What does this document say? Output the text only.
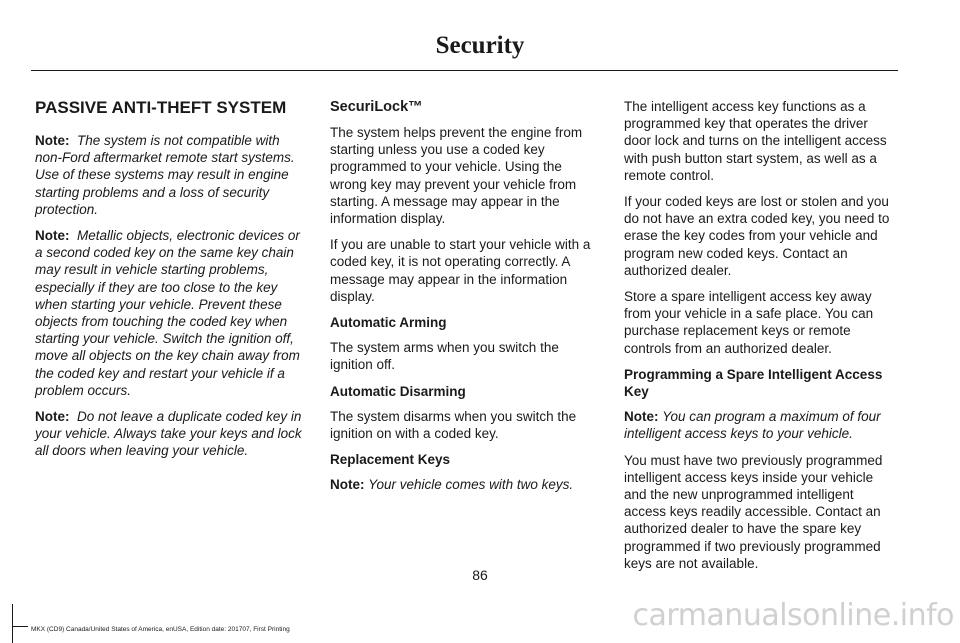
Security
PASSIVE ANTI-THEFT SYSTEM

Note: The system is not compatible with non-Ford aftermarket remote start systems. Use of these systems may result in engine starting problems and a loss of security protection.

Note: Metallic objects, electronic devices or a second coded key on the same key chain may result in vehicle starting problems, especially if they are too close to the key when starting your vehicle. Prevent these objects from touching the coded key when starting your vehicle. Switch the ignition off, move all objects on the key chain away from the coded key and restart your vehicle if a problem occurs.

Note: Do not leave a duplicate coded key in your vehicle. Always take your keys and lock all doors when leaving your vehicle.

SecuriLock™

The system helps prevent the engine from starting unless you use a coded key programmed to your vehicle. Using the wrong key may prevent your vehicle from starting. A message may appear in the information display.

If you are unable to start your vehicle with a coded key, it is not operating correctly. A message may appear in the information display.

Automatic Arming

The system arms when you switch the ignition off.

Automatic Disarming

The system disarms when you switch the ignition on with a coded key.

Replacement Keys

Note: Your vehicle comes with two keys.

The intelligent access key functions as a programmed key that operates the driver door lock and turns on the intelligent access with push button start system, as well as a remote control.

If your coded keys are lost or stolen and you do not have an extra coded key, you need to erase the key codes from your vehicle and program new coded keys. Contact an authorized dealer.

Store a spare intelligent access key away from your vehicle in a safe place. You can purchase replacement keys or remote controls from an authorized dealer.

Programming a Spare Intelligent Access Key

Note: You can program a maximum of four intelligent access keys to your vehicle.

You must have two previously programmed intelligent access keys inside your vehicle and the new unprogrammed intelligent access keys readily accessible. Contact an authorized dealer to have the spare key programmed if two previously programmed keys are not available.

86
MKX (CD9) Canada/United States of America, enUSA, Edition date: 201707, First Printing	carmanualsonline.info
